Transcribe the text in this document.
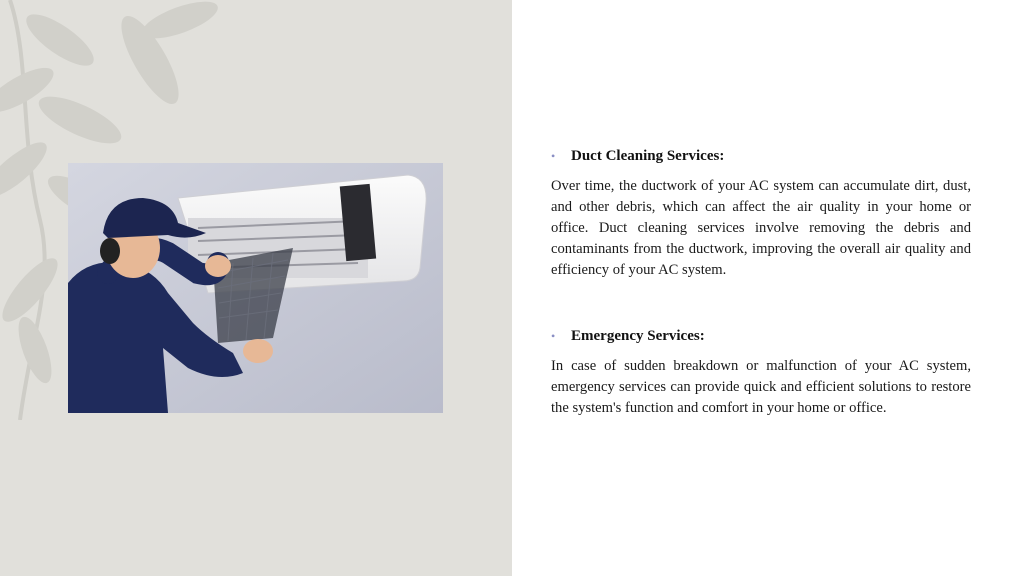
•	Duct Cleaning Services:

Over time, the ductwork of your AC system can accumulate dirt, dust, and other debris, which can affect the air quality in your home or office. Duct cleaning services involve removing the debris and contaminants from the ductwork, improving the overall air quality and efficiency of your AC system.

•	Emergency Services:

In case of sudden breakdown or malfunction of your AC system, emergency services can provide quick and efficient solutions to restore the system's function and comfort in your home or office.
